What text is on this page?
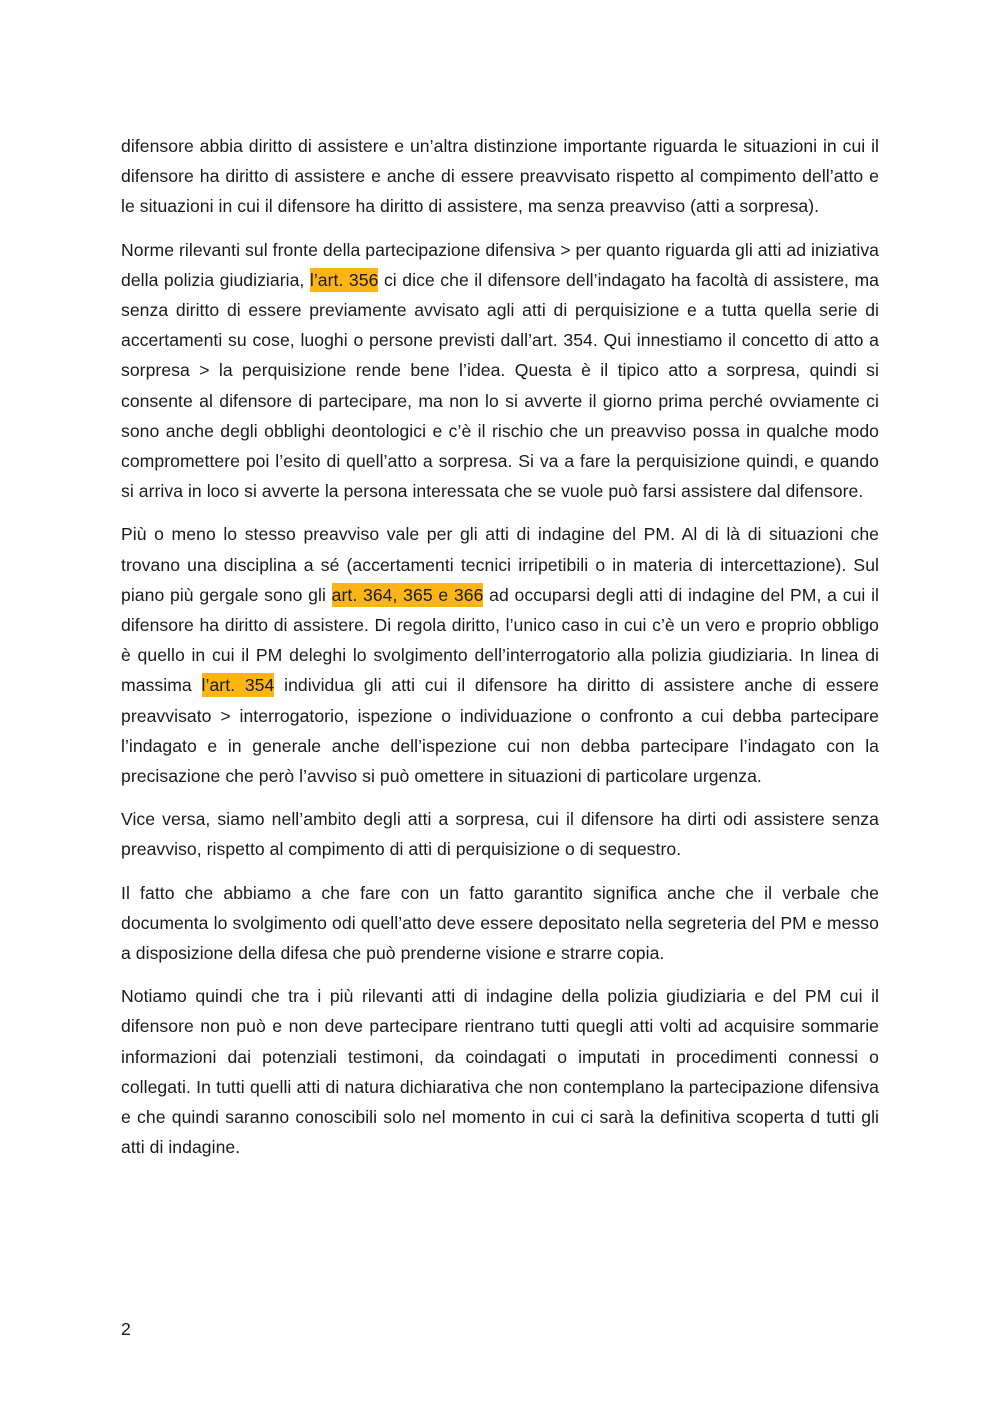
difensore abbia diritto di assistere e un’altra distinzione importante riguarda le situazioni in cui il difensore ha diritto di assistere e anche di essere preavvisato rispetto al compimento dell’atto e le situazioni in cui il difensore ha diritto di assistere, ma senza preavviso (atti a sorpresa).

Norme rilevanti sul fronte della partecipazione difensiva > per quanto riguarda gli atti ad iniziativa della polizia giudiziaria, l’art. 356 ci dice che il difensore dell’indagato ha facoltà di assistere, ma senza diritto di essere previamente avvisato agli atti di perquisizione e a tutta quella serie di accertamenti su cose, luoghi o persone previsti dall’art. 354. Qui innestiamo il concetto di atto a sorpresa > la perquisizione rende bene l’idea. Questa è il tipico atto a sorpresa, quindi si consente al difensore di partecipare, ma non lo si avverte il giorno prima perché ovviamente ci sono anche degli obblighi deontologici e c’è il rischio che un preavviso possa in qualche modo compromettere poi l’esito di quell’atto a sorpresa. Si va a fare la perquisizione quindi, e quando si arriva in loco si avverte la persona interessata che se vuole può farsi assistere dal difensore.

Più o meno lo stesso preavviso vale per gli atti di indagine del PM. Al di là di situazioni che trovano una disciplina a sé (accertamenti tecnici irripetibili o in materia di intercettazione). Sul piano più gergale sono gli art. 364, 365 e 366 ad occuparsi degli atti di indagine del PM, a cui il difensore ha diritto di assistere. Di regola diritto, l’unico caso in cui c’è un vero e proprio obbligo è quello in cui il PM deleghi lo svolgimento dell’interrogatorio alla polizia giudiziaria. In linea di massima l’art. 354 individua gli atti cui il difensore ha diritto di assistere anche di essere preavvisato > interrogatorio, ispezione o individuazione o confronto a cui debba partecipare l’indagato e in generale anche dell’ispezione cui non debba partecipare l’indagato con la precisazione che però l’avviso si può omettere in situazioni di particolare urgenza.

Vice versa, siamo nell’ambito degli atti a sorpresa, cui il difensore ha dirti odi assistere senza preavviso, rispetto al compimento di atti di perquisizione o di sequestro.

Il fatto che abbiamo a che fare con un fatto garantito significa anche che il verbale che documenta lo svolgimento odi quell’atto deve essere depositato nella segreteria del PM e messo a disposizione della difesa che può prenderne visione e strarre copia.

Notiamo quindi che tra i più rilevanti atti di indagine della polizia giudiziaria e del PM cui il difensore non può e non deve partecipare rientrano tutti quegli atti volti ad acquisire sommarie informazioni dai potenziali testimoni, da coindagati o imputati in procedimenti connessi o collegati. In tutti quelli atti di natura dichiarativa che non contemplano la partecipazione difensiva e che quindi saranno conoscibili solo nel momento in cui ci sarà la definitiva scoperta d tutti gli atti di indagine.

2
